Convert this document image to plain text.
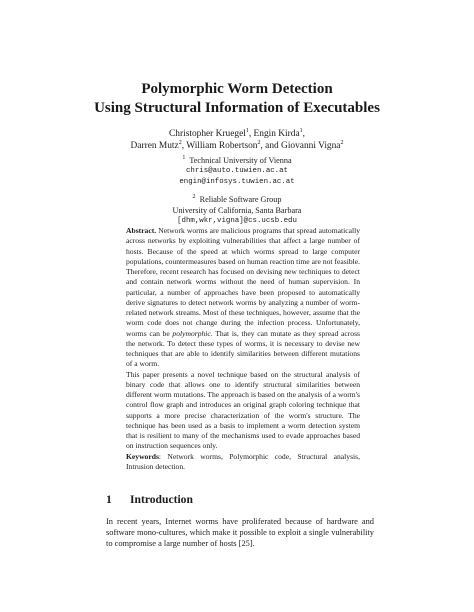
Polymorphic Worm Detection
Using Structural Information of Executables
Christopher Kruegel$^1$, Engin Kirda$^1$,
Darren Mutz$^2$, William Robertson$^2$, and Giovanni Vigna$^2$
$^1$ Technical University of Vienna
chris@auto.tuwien.ac.at
engin@infosys.tuwien.ac.at
$^2$ Reliable Software Group
University of California, Santa Barbara
[dhm,wkr,vigna]@cs.ucsb.edu

Abstract. Network worms are malicious programs that spread automatically across networks by exploiting vulnerabilities that affect a large number of hosts. Because of the speed at which worms spread to large computer populations, countermeasures based on human reaction time are not feasible. Therefore, recent research has focused on devising new techniques to detect and contain network worms without the need of human supervision. In particular, a number of approaches have been proposed to automatically derive signatures to detect network worms by analyzing a number of worm-related network streams. Most of these techniques, however, assume that the worm code does not change during the infection process. Unfortunately, worms can be polymorphic. That is, they can mutate as they spread across the network. To detect these types of worms, it is necessary to devise new techniques that are able to identify similarities between different mutations of a worm.

This paper presents a novel technique based on the structural analysis of binary code that allows one to identify structural similarities between different worm mutations. The approach is based on the analysis of a worm's control flow graph and introduces an original graph coloring technique that supports a more precise characterization of the worm's structure. The technique has been used as a basis to implement a worm detection system that is resilient to many of the mechanisms used to evade approaches based on instruction sequences only.

Keywords: Network worms, Polymorphic code, Structural analysis, Intrusion detection.
1 Introduction

In recent years, Internet worms have proliferated because of hardware and software mono-cultures, which make it possible to exploit a single vulnerability to compromise a large number of hosts [25].
